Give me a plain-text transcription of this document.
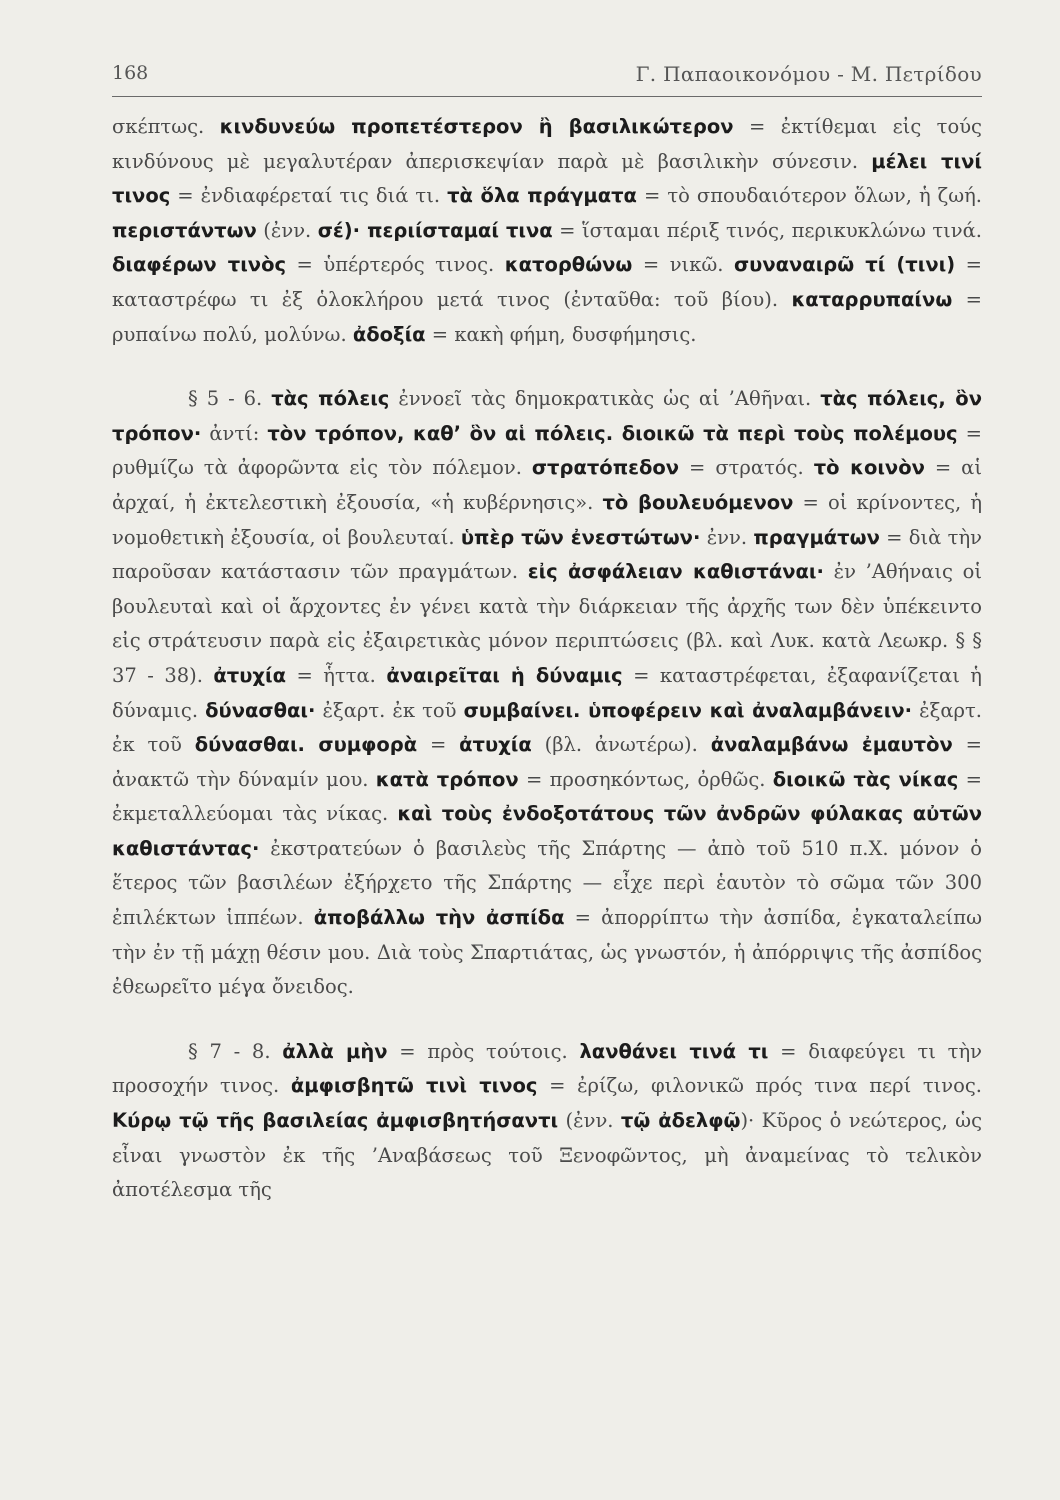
168	Γ. Παπαοικονόμου - Μ. Πετρίδου

σκέπτως. κινδυνεύω προπετέστερον ἢ βασιλικώτερον = ἐκτίθεμαι εἰς τούς κινδύνους μὲ μεγαλυτέραν ἀπερισκεψίαν παρὰ μὲ βασιλικὴν σύνεσιν. μέλει τινί τινος = ἐνδιαφέρεταί τις διά τι. τὰ ὅλα πράγματα = τὸ σπουδαιότερον ὅλων, ἡ ζωή. περιστάντων (ἐνν. σέ)· περιίσταμαί τινα = ἵσταμαι πέριξ τινός, περικυκλώνω τινά. διαφέρων τινὸς = ὑπέρτερός τινος. κατορθώνω = νικῶ. συναναιρῶ τί (τινι) = καταστρέφω τι ἐξ ὁλοκλήρου μετά τινος (ἐνταῦθα: τοῦ βίου). καταρρυπαίνω = ρυπαίνω πολύ, μολύνω. ἀδοξία = κακὴ φήμη, δυσφήμησις.

§ 5 - 6. τὰς πόλεις ἐννοεῖ τὰς δημοκρατικὰς ὡς αἱ ’Αθῆναι. τὰς πόλεις, ὃν τρόπον· ἀντί: τὸν τρόπον, καθ’ ὃν αἱ πόλεις. διοικῶ τὰ περὶ τοὺς πολέμους = ρυθμίζω τὰ ἀφορῶντα εἰς τὸν πόλεμον. στρατόπεδον = στρατός. τὸ κοινὸν = αἱ ἀρχαί, ἡ ἐκτελεστικὴ ἐξουσία, «ἡ κυβέρνησις». τὸ βουλευόμενον = οἱ κρίνοντες, ἡ νομοθετικὴ ἐξουσία, οἱ βουλευταί. ὑπὲρ τῶν ἐνεστώτων· ἐνν. πραγμάτων = διὰ τὴν παροῦσαν κατάστασιν τῶν πραγμάτων. εἰς ἀσφάλειαν καθιστάναι· ἐν ’Αθήναις οἱ βουλευταὶ καὶ οἱ ἄρχοντες ἐν γένει κατὰ τὴν διάρκειαν τῆς ἀρχῆς των δὲν ὑπέκειντο εἰς στράτευσιν παρὰ εἰς ἐξαιρετικὰς μόνον περιπτώσεις (βλ. καὶ Λυκ. κατὰ Λεωκρ. § § 37 - 38). ἀτυχία = ἧττα. ἀναιρεῖται ἡ δύναμις = καταστρέφεται, ἐξαφανίζεται ἡ δύναμις. δύνασθαι· ἐξαρτ. ἐκ τοῦ συμβαίνει. ὑποφέρειν καὶ ἀναλαμβάνειν· ἐξαρτ. ἐκ τοῦ δύνασθαι. συμφορὰ = ἀτυχία (βλ. ἀνωτέρω). ἀναλαμβάνω ἐμαυτὸν = ἀνακτῶ τὴν δύναμίν μου. κατὰ τρόπον = προσηκόντως, ὀρθῶς. διοικῶ τὰς νίκας = ἐκμεταλλεύομαι τὰς νίκας. καὶ τοὺς ἐνδοξοτάτους τῶν ἀνδρῶν φύλακας αὐτῶν καθιστάντας· ἐκστρατεύων ὁ βασιλεὺς τῆς Σπάρτης — ἀπὸ τοῦ 510 π.Χ. μόνον ὁ ἕτερος τῶν βασιλέων ἐξήρχετο τῆς Σπάρτης — εἶχε περὶ ἑαυτὸν τὸ σῶμα τῶν 300 ἐπιλέκτων ἱππέων. ἀποβάλλω τὴν ἀσπίδα = ἀπορρίπτω τὴν ἀσπίδα, ἐγκαταλείπω τὴν ἐν τῇ μάχῃ θέσιν μου. Διὰ τοὺς Σπαρτιάτας, ὡς γνωστόν, ἡ ἀπόρριψις τῆς ἀσπίδος ἐθεωρεῖτο μέγα ὄνειδος.

§ 7 - 8. ἀλλὰ μὴν = πρὸς τούτοις. λανθάνει τινά τι = διαφεύγει τι τὴν προσοχήν τινος. ἀμφισβητῶ τινὶ τινος = ἐρίζω, φιλονικῶ πρός τινα περί τινος. Κύρῳ τῷ τῆς βασιλείας ἀμφισβητήσαντι (ἐνν. τῷ ἀδελφῷ)· Κῦρος ὁ νεώτερος, ὡς εἶναι γνωστὸν ἐκ τῆς ’Αναβάσεως τοῦ Ξενοφῶντος, μὴ ἀναμείνας τὸ τελικὸν ἀποτέλεσμα τῆς
